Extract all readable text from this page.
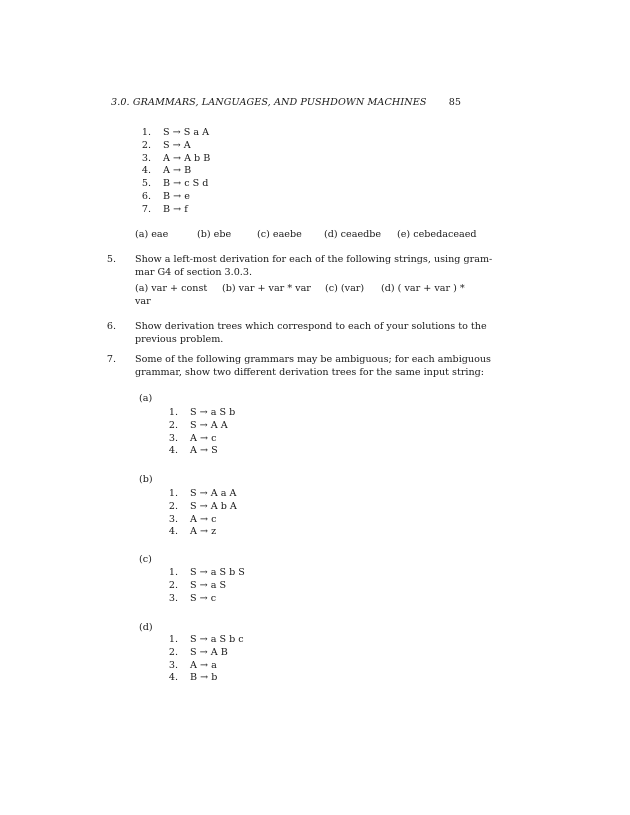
3.0. GRAMMARS, LANGUAGES, AND PUSHDOWN MACHINES 85
1. S → S a A
2. S → A
3. A → A b B
4. A → B
5. B → c S d
6. B → e
7. B → f
(a) eae	(b) ebe	(c) eaebe (d) ceaedbe (e) cebedaceaed
5. Show a left-most derivation for each of the following strings, using gram-
mar G4 of section 3.0.3.
(a) var + const (b) var + var * var (c) (var) (d) ( var + var ) *
var
6. Show derivation trees which correspond to each of your solutions to the
previous problem.
7. Some of the following grammars may be ambiguous; for each ambiguous
grammar, show two different derivation trees for the same input string:
(a)
1. S → a S b
2. S → A A
3. A → c
4. A → S
(b)
1. S → A a A
2. S → A b A
3. A → c
4. A → z
(c)
1. S → a S b S
2. S → a S
3. S → c
(d)
1. S → a S b c
2. S → A B
3. A → a
4. B → b
